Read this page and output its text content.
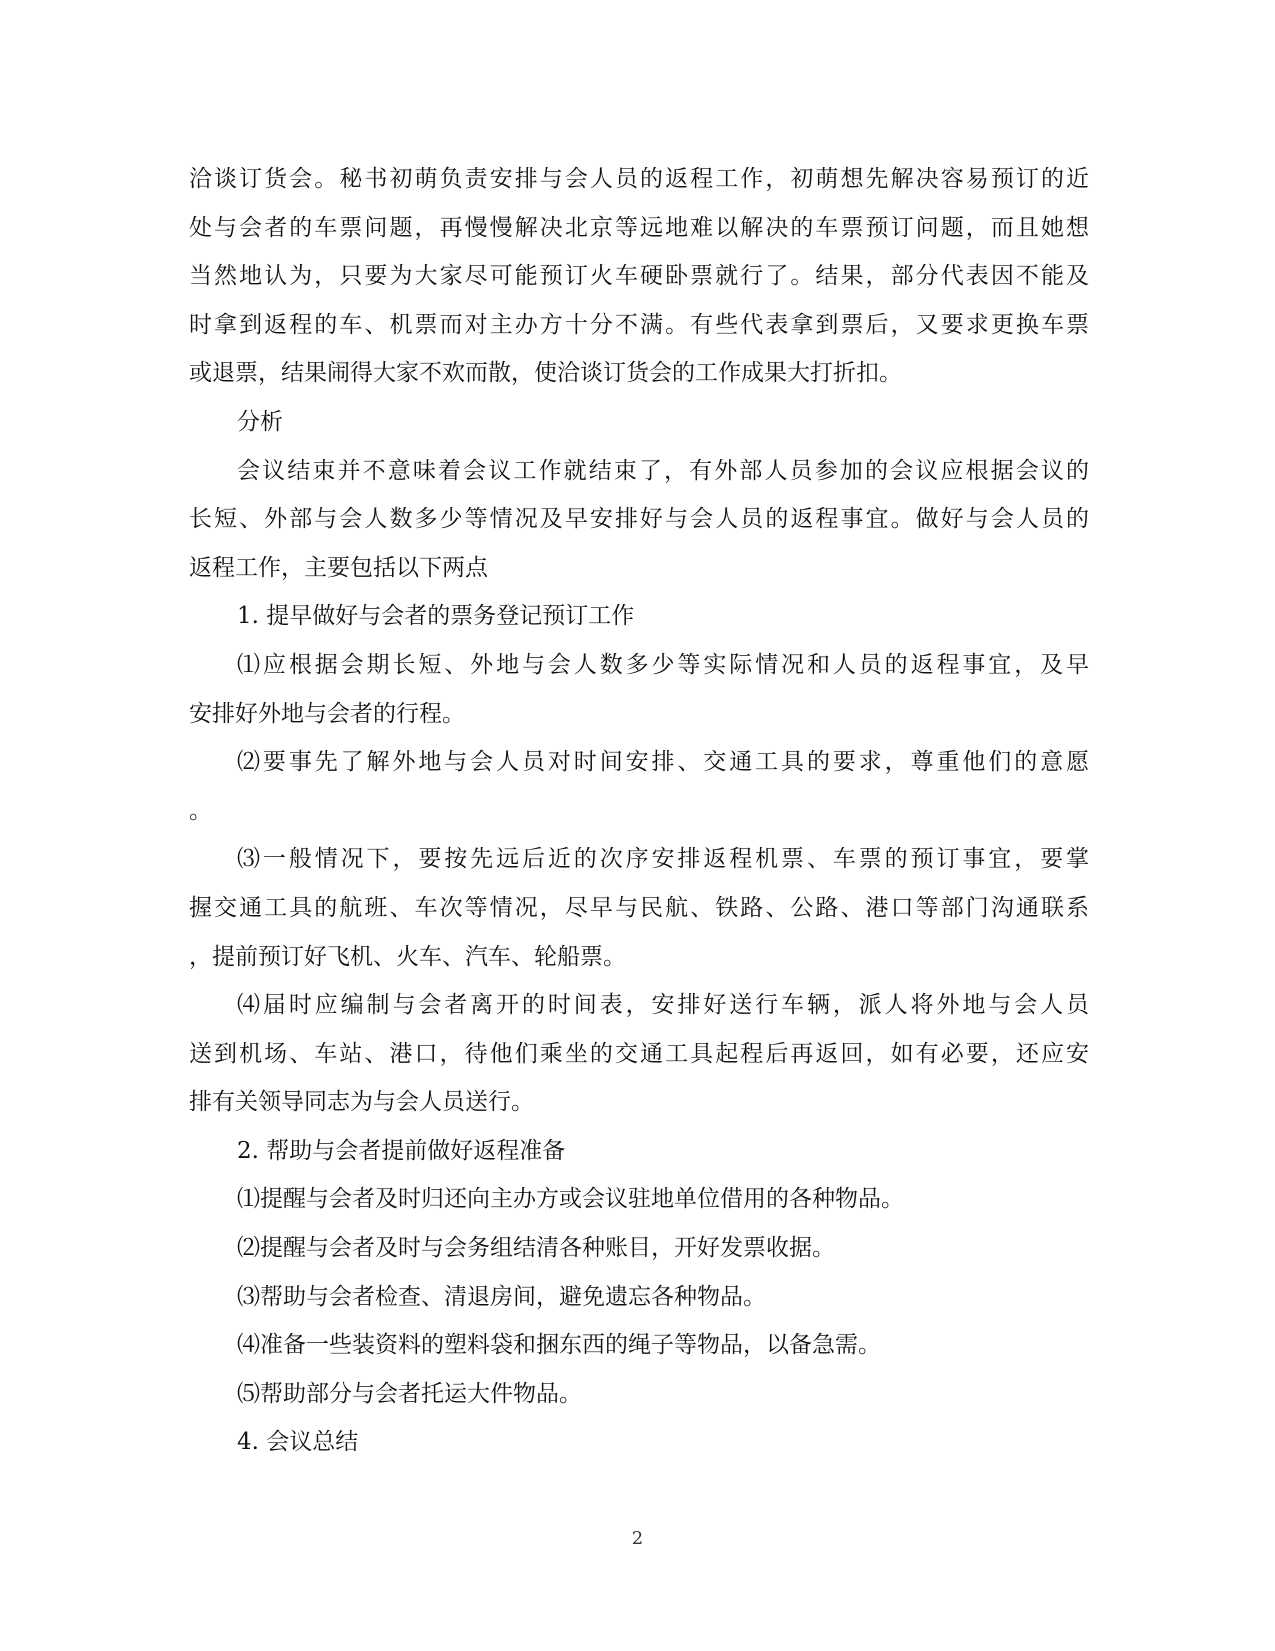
洽谈订货会。秘书初萌负责安排与会人员的返程工作，初萌想先解决容易预订的近
处与会者的车票问题，再慢慢解决北京等远地难以解决的车票预订问题，而且她想
当然地认为，只要为大家尽可能预订火车硬卧票就行了。结果，部分代表因不能及
时拿到返程的车、机票而对主办方十分不满。有些代表拿到票后，又要求更换车票
或退票，结果闹得大家不欢而散，使洽谈订货会的工作成果大打折扣。
分析
会议结束并不意味着会议工作就结束了，有外部人员参加的会议应根据会议的
长短、外部与会人数多少等情况及早安排好与会人员的返程事宜。做好与会人员的
返程工作，主要包括以下两点
1. 提早做好与会者的票务登记预订工作
⑴应根据会期长短、外地与会人数多少等实际情况和人员的返程事宜，及早
安排好外地与会者的行程。
⑵要事先了解外地与会人员对时间安排、交通工具的要求，尊重他们的意愿
。
⑶一般情况下，要按先远后近的次序安排返程机票、车票的预订事宜，要掌
握交通工具的航班、车次等情况，尽早与民航、铁路、公路、港口等部门沟通联系
，提前预订好飞机、火车、汽车、轮船票。
⑷届时应编制与会者离开的时间表，安排好送行车辆，派人将外地与会人员
送到机场、车站、港口，待他们乘坐的交通工具起程后再返回，如有必要，还应安
排有关领导同志为与会人员送行。
2. 帮助与会者提前做好返程准备
⑴提醒与会者及时归还向主办方或会议驻地单位借用的各种物品。
⑵提醒与会者及时与会务组结清各种账目，开好发票收据。
⑶帮助与会者检查、清退房间，避免遗忘各种物品。
⑷准备一些装资料的塑料袋和捆东西的绳子等物品，以备急需。
⑸帮助部分与会者托运大件物品。
4. 会议总结
2
